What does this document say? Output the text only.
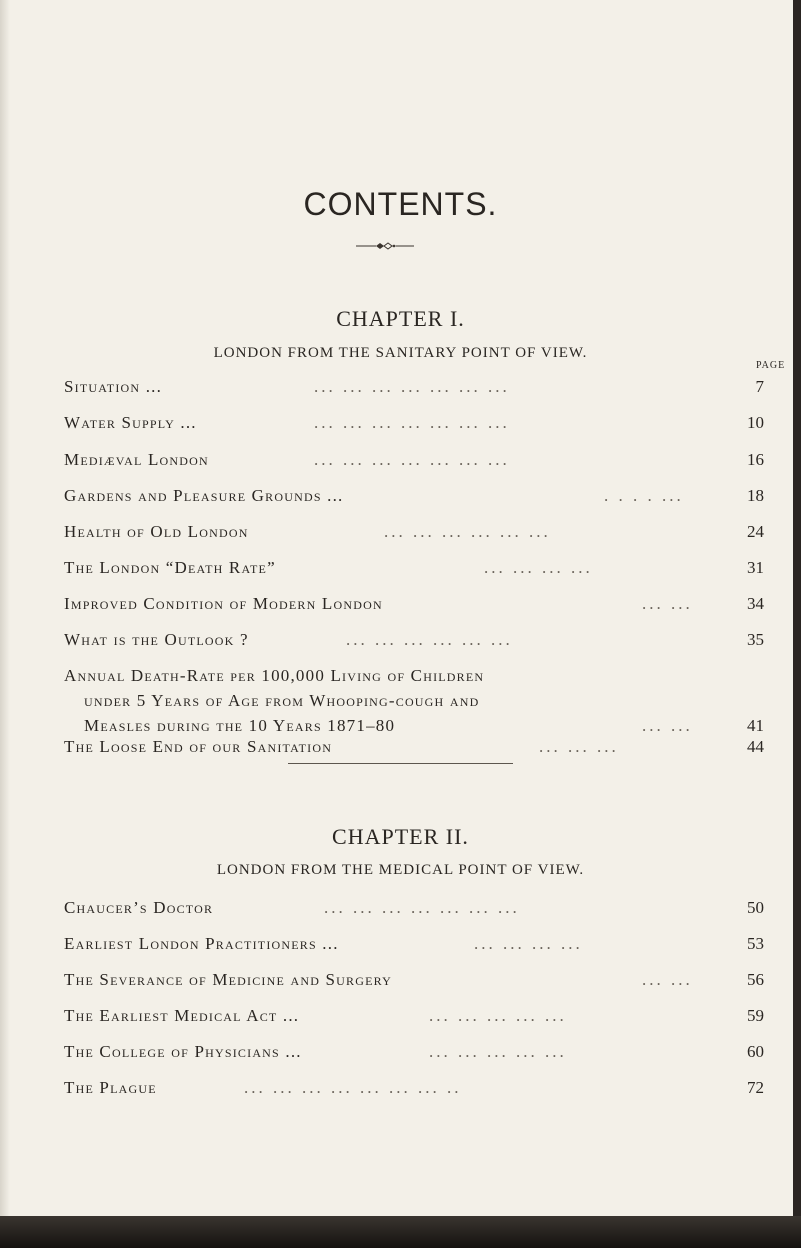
CONTENTS.
CHAPTER I.
LONDON FROM THE SANITARY POINT OF VIEW.
PAGE
Situation ...	... ... ... ... ... ... ...	7
Water Supply ...	... ... ... ... ... ... ...	10
Mediæval London	... ... ... ... ... ... ...	16
Gardens and Pleasure Grounds ...	. . . . ...	18
Health of Old London	... ... ... ... ... ...	24
The London “Death Rate”	... ... ... ...	31
Improved Condition of Modern London	... ...	34
What is the Outlook ?	... ... ... ... ... ...	35
Annual Death-Rate per 100,000 Living of Children
under 5 Years of Age from Whooping-cough and
Measles during the 10 Years 1871–80	... ...	41
The Loose End of our Sanitation	... ... ...	44
CHAPTER II.
LONDON FROM THE MEDICAL POINT OF VIEW.
Chaucer’s Doctor	... ... ... ... ... ... ...	50
Earliest London Practitioners ...	... ... ... ...	53
The Severance of Medicine and Surgery	... ...	56
The Earliest Medical Act ...	... ... ... ... ...	59
The College of Physicians ...	... ... ... ... ...	60
The Plague	... ... ... ... ... ... ... ..	72
